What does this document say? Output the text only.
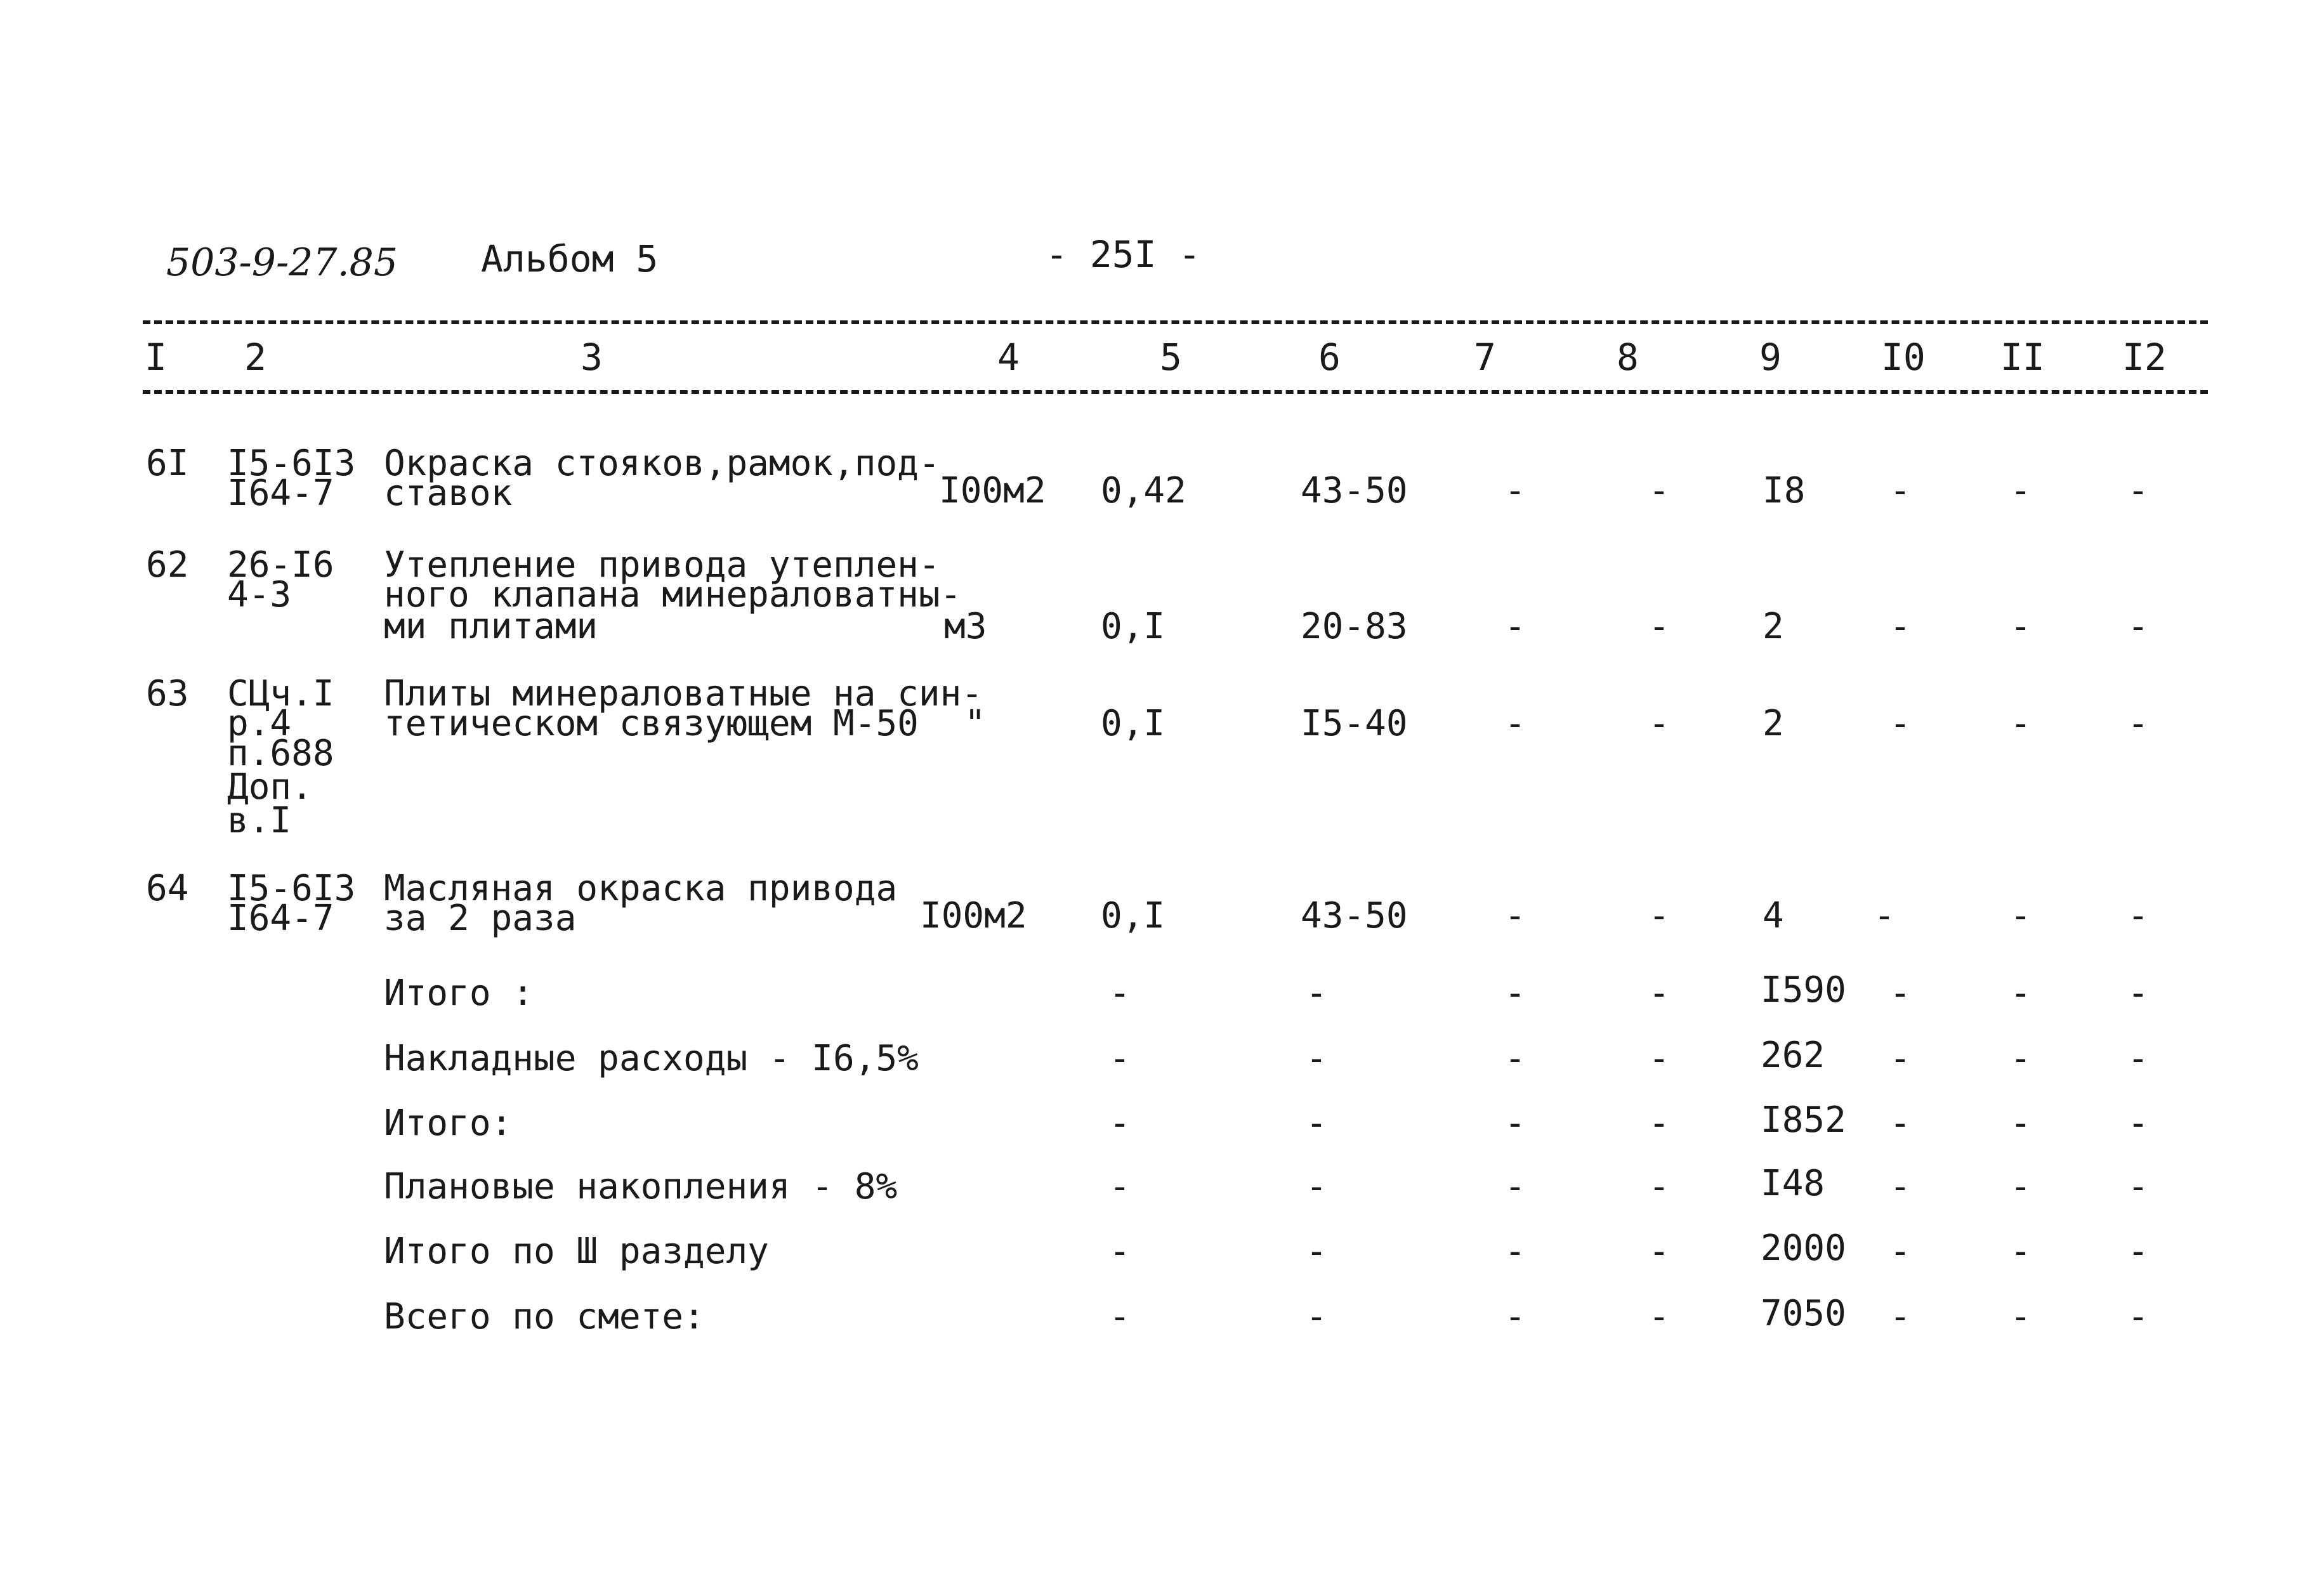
503-9-27.85 Альбом 5	- 25I -
I 2	3	4	5	6	7	8	9	I0 II I2
6I I5-6I3
I64-7
Окраска стояков,рамок,под-
ставок	I00м2 0,42	43-50	-	-	I8 -	-	-
62 26-I6
4-3
Утепление привода утеплен-
ного клапана минераловатны-
ми плитами	м3	0,I	20-83	-	-	2	-	-	-
63 СЦч.I
р.4
п.688
Доп.
в.I
Плиты минераловатные на син-
тетическом связующем М-50 "	0,I	I5-40	-	-	2	-	-	-
64 I5-6I3
I64-7
Масляная окраска привода
за 2 раза	I00м2 0,I	43-50	-	-	4	-	-	-
Итого :	-	-	-	-	I590 -	-	-
Накладные расходы - I6,5%	-	-	-	-	262 -	-	-
Итого:	-	-	-	-	I852 -	-	-
Плановые накопления - 8%	-	-	-	-	I48 -	-	-
Итого по Ш разделу	-	-	-	-	2000 -	-	-
Всего по смете:	-	-	-	-	7050 -	-	-
